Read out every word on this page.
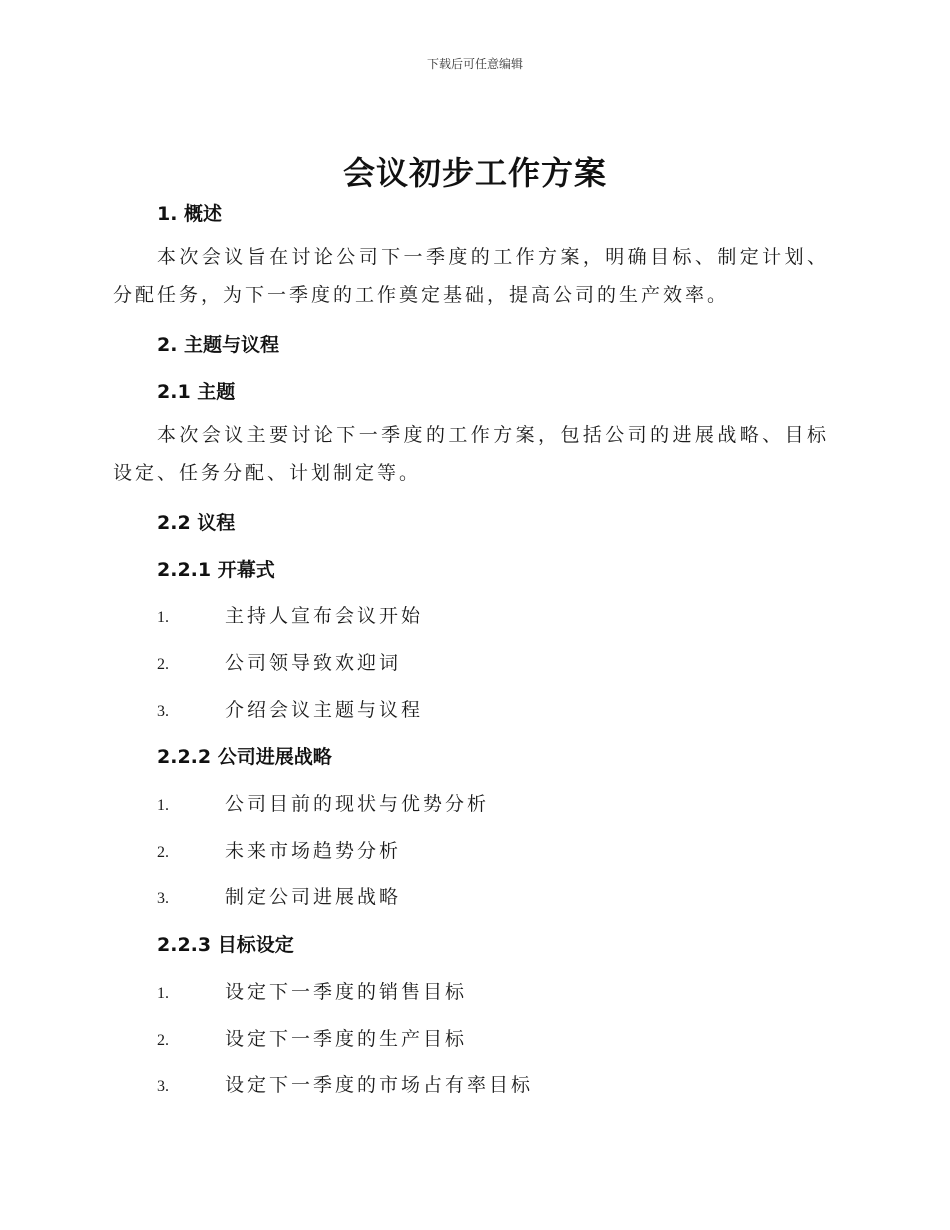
下载后可任意编辑
会议初步工作方案
1. 概述

本次会议旨在讨论公司下一季度的工作方案，明确目标、制定计划、分配任务，为下一季度的工作奠定基础，提高公司的生产效率。

2. 主题与议程
2.1 主题

本次会议主要讨论下一季度的工作方案，包括公司的进展战略、目标设定、任务分配、计划制定等。

2.2 议程
2.2.1 开幕式
1.	主持人宣布会议开始
2.	公司领导致欢迎词
3.	介绍会议主题与议程
2.2.2 公司进展战略
1.	公司目前的现状与优势分析
2.	未来市场趋势分析
3.	制定公司进展战略
2.2.3 目标设定
1.	设定下一季度的销售目标
2.	设定下一季度的生产目标
3.	设定下一季度的市场占有率目标
